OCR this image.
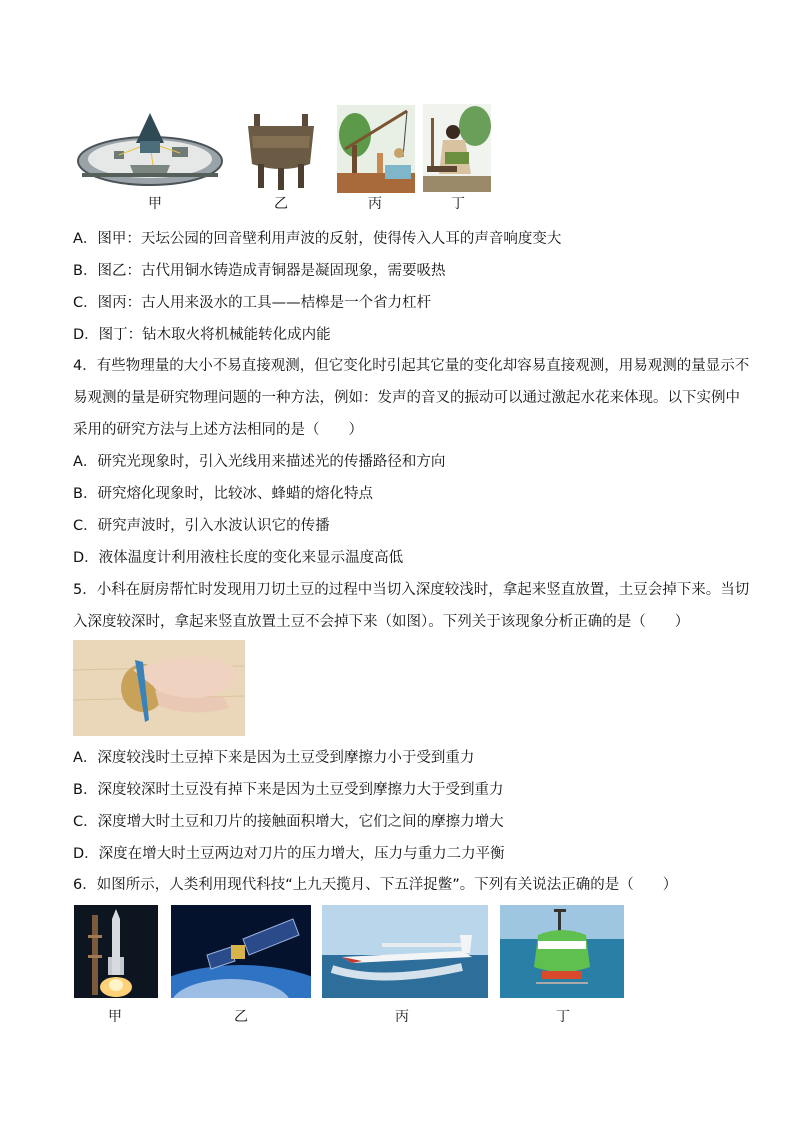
甲	乙	丙	丁
A．图甲：天坛公园的回音壁利用声波的反射，使得传入人耳的声音响度变大
B．图乙：古代用铜水铸造成青铜器是凝固现象，需要吸热
C．图丙：古人用来汲水的工具——桔槔是一个省力杠杆
D．图丁：钻木取火将机械能转化成内能
4．有些物理量的大小不易直接观测，但它变化时引起其它量的变化却容易直接观测，用易观测的量显示不
易观测的量是研究物理问题的一种方法，例如：发声的音叉的振动可以通过激起水花来体现。以下实例中
采用的研究方法与上述方法相同的是（　　）
A．研究光现象时，引入光线用来描述光的传播路径和方向
B．研究熔化现象时，比较冰、蜂蜡的熔化特点
C．研究声波时，引入水波认识它的传播
D．液体温度计利用液柱长度的变化来显示温度高低
5．小科在厨房帮忙时发现用刀切土豆的过程中当切入深度较浅时，拿起来竖直放置，土豆会掉下来。当切
入深度较深时，拿起来竖直放置土豆不会掉下来（如图）。下列关于该现象分析正确的是（　　）
A．深度较浅时土豆掉下来是因为土豆受到摩擦力小于受到重力
B．深度较深时土豆没有掉下来是因为土豆受到摩擦力大于受到重力
C．深度增大时土豆和刀片的接触面积增大，它们之间的摩擦力增大
D．深度在增大时土豆两边对刀片的压力增大，压力与重力二力平衡
6．如图所示，人类利用现代科技“上九天揽月、下五洋捉鳖”。下列有关说法正确的是（　　）
甲	乙	丙	丁
